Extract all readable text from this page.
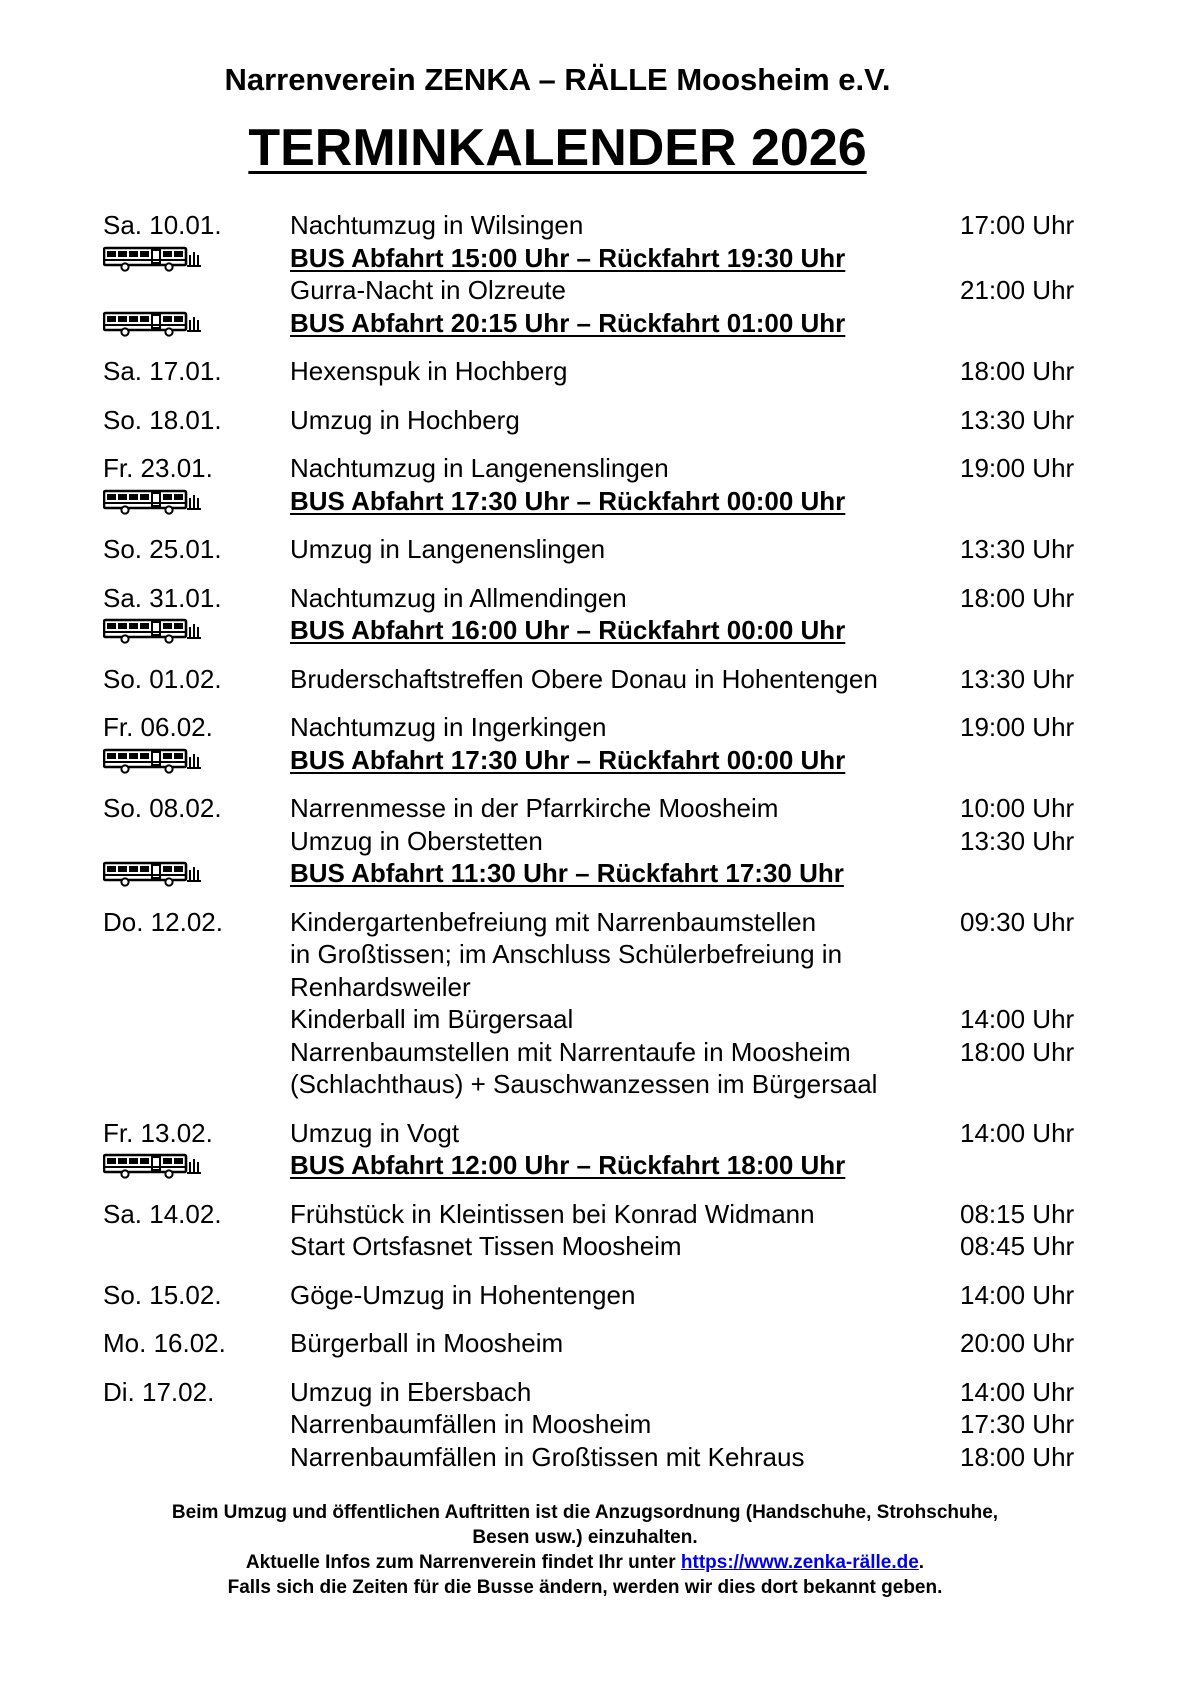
Narrenverein ZENKA – RÄLLE Moosheim e.V.
TERMINKALENDER 2026
Sa. 10.01.	Nachtumzug in Wilsingen	17:00 Uhr
BUS Abfahrt 15:00 Uhr – Rückfahrt 19:30 Uhr
Gurra-Nacht in Olzreute	21:00 Uhr
BUS Abfahrt 20:15 Uhr – Rückfahrt 01:00 Uhr
Sa. 17.01.	Hexenspuk in Hochberg	18:00 Uhr
So. 18.01.	Umzug in Hochberg	13:30 Uhr
Fr. 23.01.	Nachtumzug in Langenenslingen	19:00 Uhr
BUS Abfahrt 17:30 Uhr – Rückfahrt 00:00 Uhr
So. 25.01.	Umzug in Langenenslingen	13:30 Uhr
Sa. 31.01.	Nachtumzug in Allmendingen	18:00 Uhr
BUS Abfahrt 16:00 Uhr – Rückfahrt 00:00 Uhr
So. 01.02.	Bruderschaftstreffen Obere Donau in Hohentengen	13:30 Uhr
Fr. 06.02.	Nachtumzug in Ingerkingen	19:00 Uhr
BUS Abfahrt 17:30 Uhr – Rückfahrt 00:00 Uhr
So. 08.02.	Narrenmesse in der Pfarrkirche Moosheim	10:00 Uhr
Umzug in Oberstetten	13:30 Uhr
BUS Abfahrt 11:30 Uhr – Rückfahrt 17:30 Uhr
Do. 12.02.	Kindergartenbefreiung mit Narrenbaumstellen	09:30 Uhr
in Großtissen; im Anschluss Schülerbefreiung in
Renhardsweiler
Kinderball im Bürgersaal	14:00 Uhr
Narrenbaumstellen mit Narrentaufe in Moosheim	18:00 Uhr
(Schlachthaus) + Sauschwanzessen im Bürgersaal
Fr. 13.02.	Umzug in Vogt	14:00 Uhr
BUS Abfahrt 12:00 Uhr – Rückfahrt 18:00 Uhr
Sa. 14.02.	Frühstück in Kleintissen bei Konrad Widmann	08:15 Uhr
Start Ortsfasnet Tissen Moosheim	08:45 Uhr
So. 15.02.	Göge-Umzug in Hohentengen	14:00 Uhr
Mo. 16.02. Bürgerball in Moosheim	20:00 Uhr
Di. 17.02.	Umzug in Ebersbach	14:00 Uhr
Narrenbaumfällen in Moosheim	17:30 Uhr
Narrenbaumfällen in Großtissen mit Kehraus	18:00 Uhr
Beim Umzug und öffentlichen Auftritten ist die Anzugsordnung (Handschuhe, Strohschuhe,
Besen usw.) einzuhalten.
Aktuelle Infos zum Narrenverein findet Ihr unter https://www.zenka-rälle.de.
Falls sich die Zeiten für die Busse ändern, werden wir dies dort bekannt geben.
